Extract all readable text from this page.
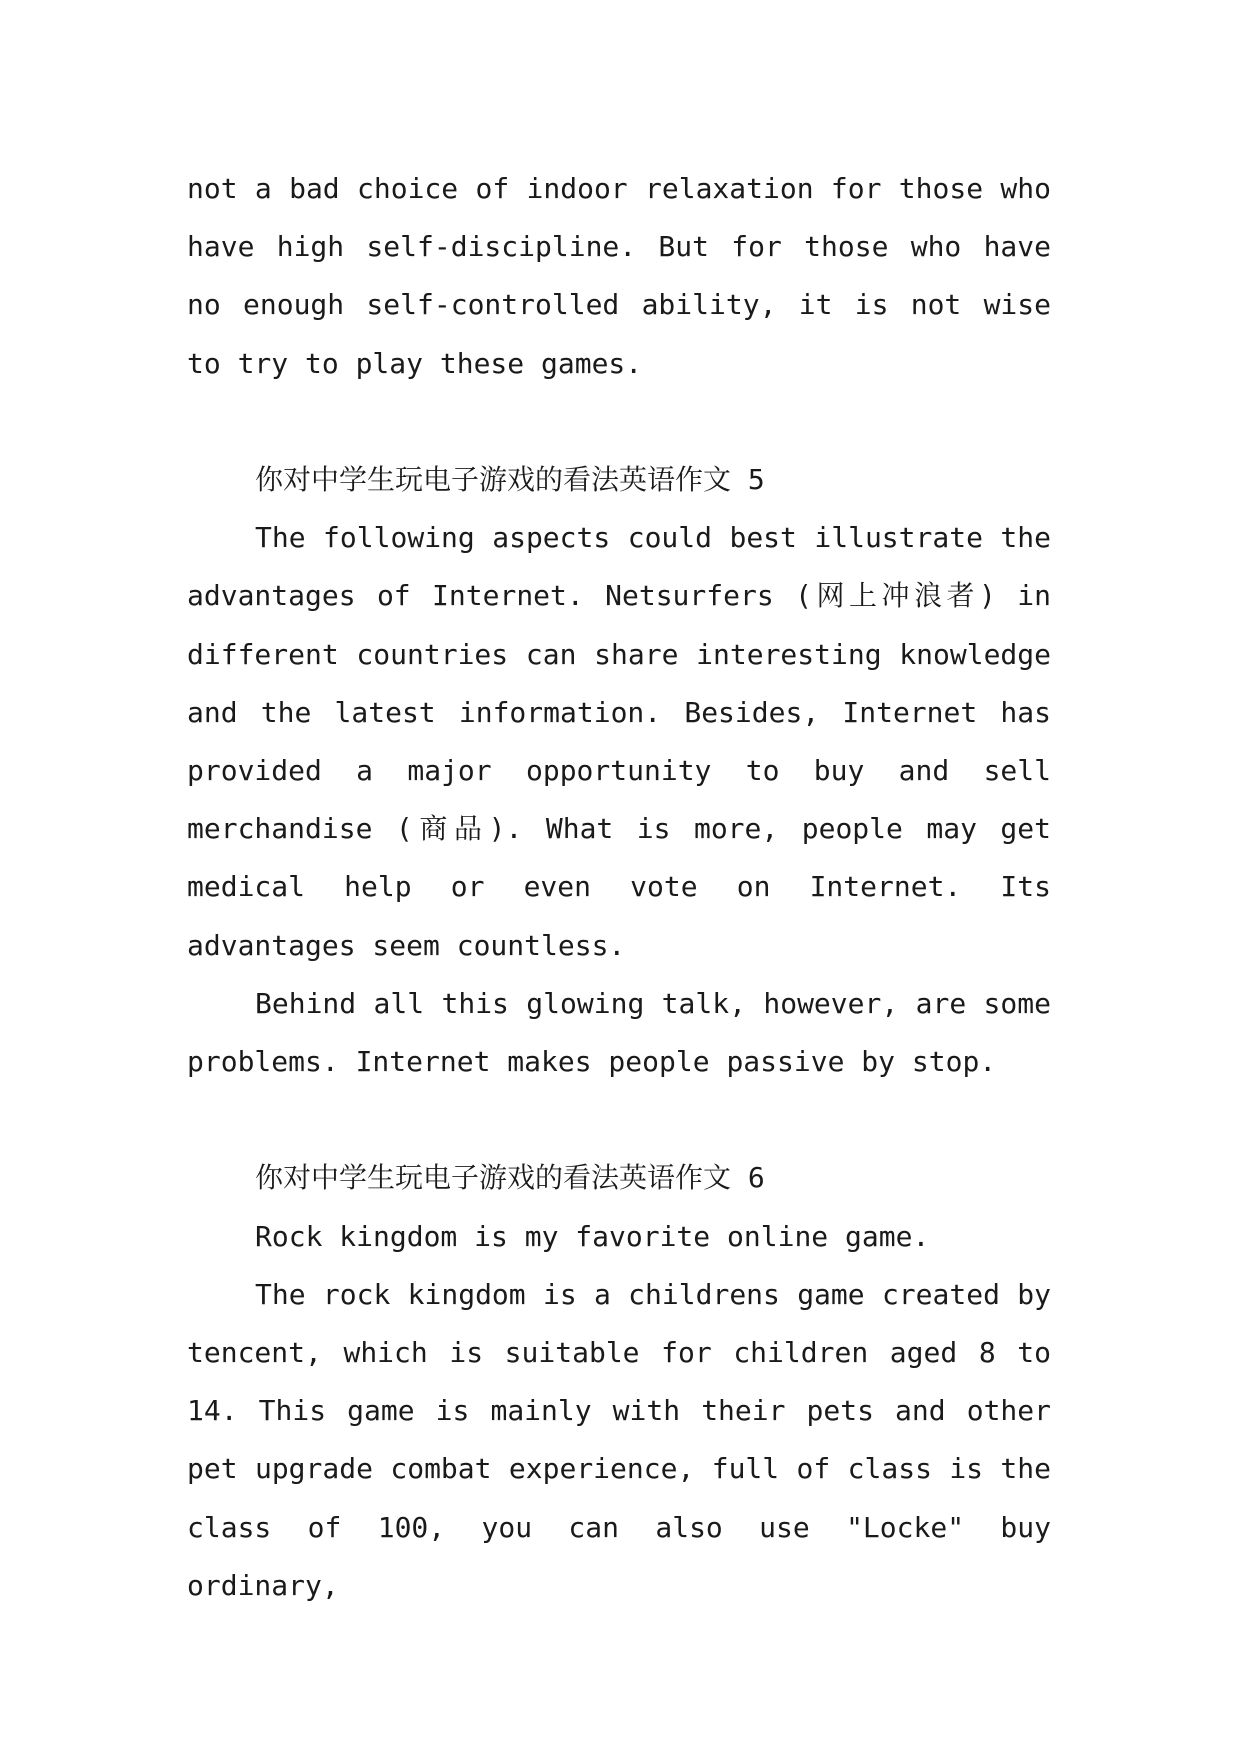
not a bad choice of indoor relaxation for those who have high self-discipline. But for those who have no enough self-controlled ability, it is not wise to try to play these games.

你对中学生玩电子游戏的看法英语作文 5

The following aspects could best illustrate the advantages of Internet. Netsurfers (网上冲浪者) in different countries can share interesting knowledge and the latest information. Besides, Internet has provided a major opportunity to buy and sell merchandise (商品). What is more, people may get medical help or even vote on Internet. Its advantages seem countless.

Behind all this glowing talk, however, are some problems. Internet makes people passive by stop.

你对中学生玩电子游戏的看法英语作文 6

Rock kingdom is my favorite online game.

The rock kingdom is a childrens game created by tencent, which is suitable for children aged 8 to 14. This game is mainly with their pets and other pet upgrade combat experience, full of class is the class of 100, you can also use "Locke" buy ordinary,
